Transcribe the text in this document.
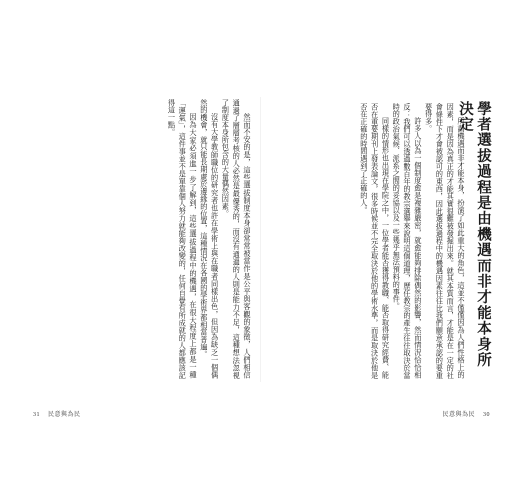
然而不安的是，這些選拔制度本身卻常常被當作是公平與客觀的象徵，人們相信通過了層層考核的人必然是最優秀的，而沒有通過的人則是能力不足，這種想法忽視了制度本身所包含的大量偶然因素。

沒有大學教師職位的研究者也許在學術上與在職者同樣出色，但因為缺乏一個偶然的機會，就只能長期處於邊緣的位置，這種情況在各國的學術界都相當普遍。

因為大家必須進一步了解到，這些選拔過程中的機遇，在很大程度上都是一種「運氣」，這件事並不是單靠個人努力就能夠改變的，任何自覺有所成就的人都應該記得這一點。	學者選拔過程是由機遇而非才能本身所決定

所謂機遇而非才能本身，扮演了如此重大的角色，這並不僅僅因為人們性格上的因素，而是因為真正的才能其實很難被發掘出來。就其本質而言，才能是在一定的社會條件下才會被認可的東西，因此選拔過程中的機遇因素往往比我們願意承認的要重要得多。

許多人以為一個制度愈是複雜嚴密，就愈能夠排除偶然的影響，然而情況恰恰相反：我們可以透過數百年的教宗選舉來說明這個道理，歷任教宗的產生往往取決於當時的政治氣候、派系之間的妥協以及一些幾乎無法預料的事件。

同樣的情形也出現在學院之中，一位學者能否獲得教職、能否取得研究經費、能否在重要期刊上發表論文，很多時候並不完全取決於他的學術水準，而是取決於他是否在正確的時間遇到了正確的人。

31 民意與為民	民意與為民 30
